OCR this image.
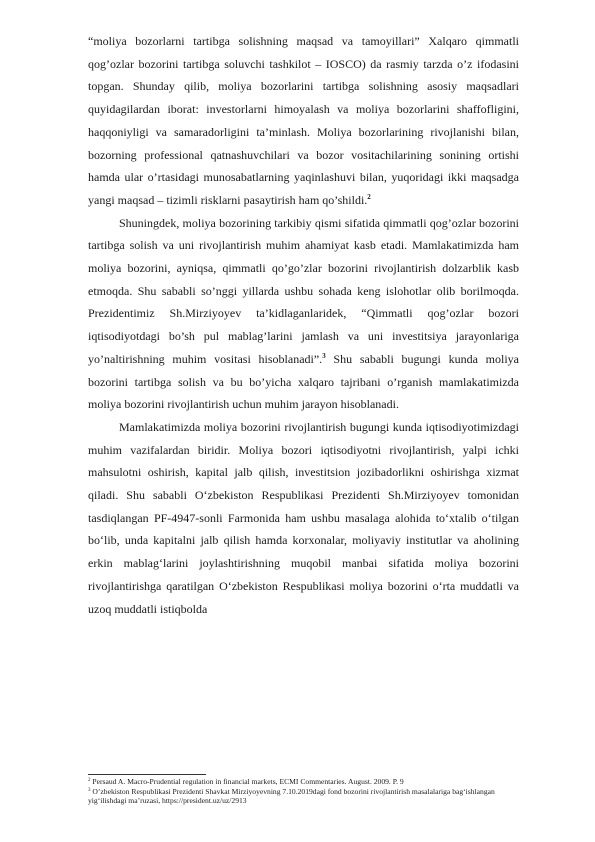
“moliya bozorlarni tartibga solishning maqsad va tamoyillari” Xalqaro qimmatli qog’ozlar bozorini tartibga soluvchi tashkilot – IOSCO) da rasmiy tarzda o’z ifodasini topgan. Shunday qilib, moliya bozorlarini tartibga solishning asosiy maqsadlari quyidagilardan iborat: investorlarni himoyalash va moliya bozorlarini shaffofligini, haqqoniyligi va samaradorligini ta’minlash. Moliya bozorlarining rivojlanishi bilan, bozorning professional qatnashuvchilari va bozor vositachilarining sonining ortishi hamda ular o’rtasidagi munosabatlarning yaqinlashuvi bilan, yuqoridagi ikki maqsadga yangi maqsad – tizimli risklarni pasaytirish ham qo’shildi.$^2$

Shuningdek, moliya bozorining tarkibiy qismi sifatida qimmatli qog’ozlar bozorini tartibga solish va uni rivojlantirish muhim ahamiyat kasb etadi. Mamlakatimizda ham moliya bozorini, ayniqsa, qimmatli qo’go’zlar bozorini rivojlantirish dolzarblik kasb etmoqda. Shu sababli so’nggi yillarda ushbu sohada keng islohotlar olib borilmoqda. Prezidentimiz Sh.Mirziyoyev ta’kidlaganlaridek, “Qimmatli qog’ozlar bozori iqtisodiyotdagi bo’sh pul mablag’larini jamlash va uni investitsiya jarayonlariga yo’naltirishning muhim vositasi hisoblanadi”.$^3$ Shu sababli bugungi kunda moliya bozorini tartibga solish va bu bo’yicha xalqaro tajribani o’rganish mamlakatimizda moliya bozorini rivojlantirish uchun muhim jarayon hisoblanadi.

Mamlakatimizda moliya bozorini rivojlantirish bugungi kunda iqtisodiyotimizdagi muhim vazifalardan biridir. Moliya bozori iqtisodiyotni rivojlantirish, yalpi ichki mahsulotni oshirish, kapital jalb qilish, investitsion jozibadorlikni oshirishga xizmat qiladi. Shu sababli O‘zbekiston Respublikasi Prezidenti Sh.Mirziyoyev tomonidan tasdiqlangan PF-4947-sonli Farmonida ham ushbu masalaga alohida to‘xtalib o‘tilgan bo‘lib, unda kapitalni jalb qilish hamda korxonalar, moliyaviy institutlar va aholining erkin mablag‘larini joylashtirishning muqobil manbai sifatida moliya bozorini rivojlantirishga qaratilgan O‘zbekiston Respublikasi moliya bozorini o‘rta muddatli va uzoq muddatli istiqbolda

$^2$ Persaud A. Macro-Prudential regulation in financial markets, ECMI Commentaries. August. 2009. P. 9

$^3$ O’zbekiston Respublikasi Prezidenti Shavkat Mirziyoyevning 7.10.2019dagi fond bozorini rivojlantirish masalalariga bag‘ishlangan yig‘ilishdagi ma’ruzasi, https://president.uz/uz/2913
